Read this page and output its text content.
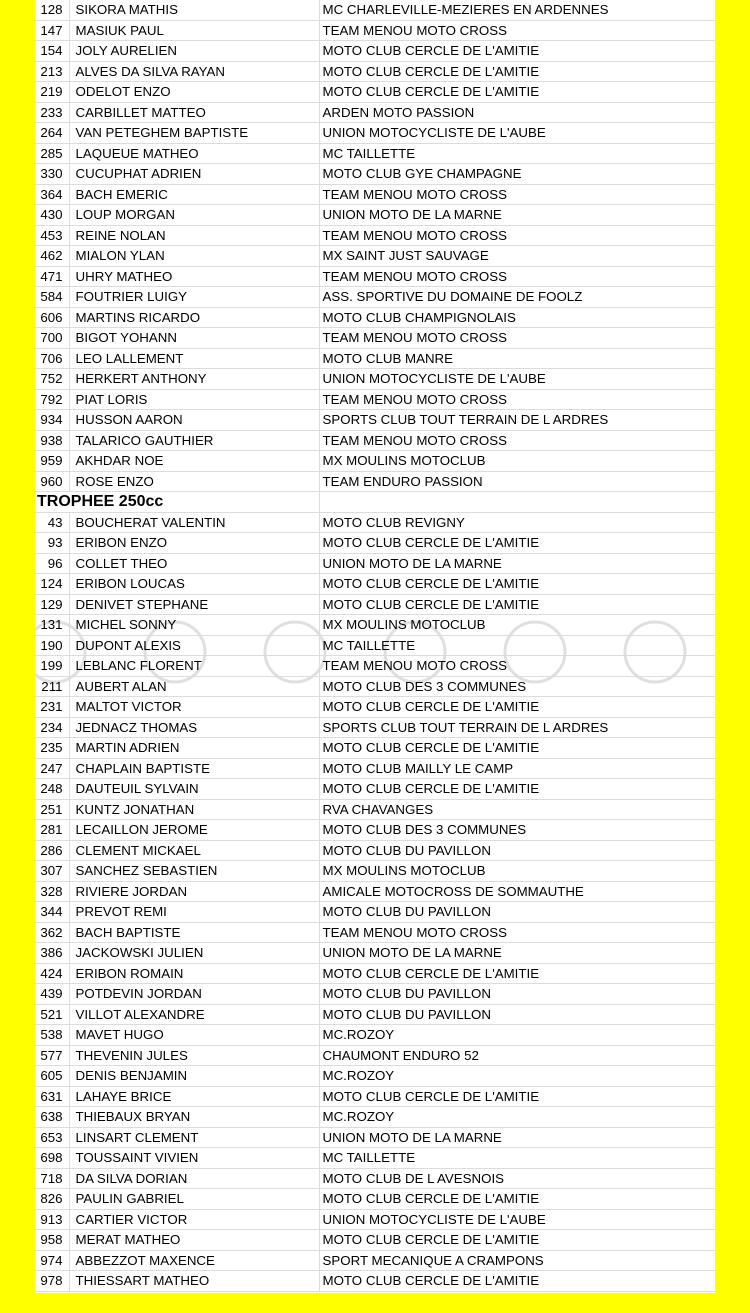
128	SIKORA MATHIS	MC CHARLEVILLE-MEZIERES EN ARDENNES
147	MASIUK PAUL	TEAM MENOU MOTO CROSS
154	JOLY AURELIEN	MOTO CLUB CERCLE DE L'AMITIE
213	ALVES DA SILVA RAYAN	MOTO CLUB CERCLE DE L'AMITIE
219	ODELOT ENZO	MOTO CLUB CERCLE DE L'AMITIE
233	CARBILLET MATTEO	ARDEN MOTO PASSION
264	VAN PETEGHEM BAPTISTE	UNION MOTOCYCLISTE DE L'AUBE
285	LAQUEUE MATHEO	MC TAILLETTE
330	CUCUPHAT ADRIEN	MOTO CLUB GYE CHAMPAGNE
364	BACH EMERIC	TEAM MENOU MOTO CROSS
430	LOUP MORGAN	UNION MOTO DE LA MARNE
453	REINE NOLAN	TEAM MENOU MOTO CROSS
462	MIALON YLAN	MX SAINT JUST SAUVAGE
471	UHRY MATHEO	TEAM MENOU MOTO CROSS
584	FOUTRIER LUIGY	ASS. SPORTIVE DU DOMAINE DE FOOLZ
606	MARTINS RICARDO	MOTO CLUB CHAMPIGNOLAIS
700	BIGOT YOHANN	TEAM MENOU MOTO CROSS
706	LEO LALLEMENT	MOTO CLUB MANRE
752	HERKERT ANTHONY	UNION MOTOCYCLISTE DE L'AUBE
792	PIAT LORIS	TEAM MENOU MOTO CROSS
934	HUSSON AARON	SPORTS CLUB TOUT TERRAIN DE L ARDRES
938	TALARICO GAUTHIER	TEAM MENOU MOTO CROSS
959	AKHDAR NOE	MX MOULINS MOTOCLUB
960	ROSE ENZO	TEAM ENDURO PASSION
TROPHEE 250cc		
43	BOUCHERAT VALENTIN	MOTO CLUB REVIGNY
93	ERIBON ENZO	MOTO CLUB CERCLE DE L'AMITIE
96	COLLET THEO	UNION MOTO DE LA MARNE
124	ERIBON LOUCAS	MOTO CLUB CERCLE DE L'AMITIE
129	DENIVET STEPHANE	MOTO CLUB CERCLE DE L'AMITIE
131	MICHEL SONNY	MX MOULINS MOTOCLUB
190	DUPONT ALEXIS	MC TAILLETTE
199	LEBLANC FLORENT	TEAM MENOU MOTO CROSS
211	AUBERT ALAN	MOTO CLUB DES 3 COMMUNES
231	MALTOT VICTOR	MOTO CLUB CERCLE DE L'AMITIE
234	JEDNACZ THOMAS	SPORTS CLUB TOUT TERRAIN DE L ARDRES
235	MARTIN ADRIEN	MOTO CLUB CERCLE DE L'AMITIE
247	CHAPLAIN BAPTISTE	MOTO CLUB MAILLY LE CAMP
248	DAUTEUIL SYLVAIN	MOTO CLUB CERCLE DE L'AMITIE
251	KUNTZ JONATHAN	RVA CHAVANGES
281	LECAILLON JEROME	MOTO CLUB DES 3 COMMUNES
286	CLEMENT MICKAEL	MOTO CLUB DU PAVILLON
307	SANCHEZ SEBASTIEN	MX MOULINS MOTOCLUB
328	RIVIERE JORDAN	AMICALE MOTOCROSS DE SOMMAUTHE
344	PREVOT REMI	MOTO CLUB DU PAVILLON
362	BACH BAPTISTE	TEAM MENOU MOTO CROSS
386	JACKOWSKI JULIEN	UNION MOTO DE LA MARNE
424	ERIBON ROMAIN	MOTO CLUB CERCLE DE L'AMITIE
439	POTDEVIN JORDAN	MOTO CLUB DU PAVILLON
521	VILLOT ALEXANDRE	MOTO CLUB DU PAVILLON
538	MAVET HUGO	MC.ROZOY
577	THEVENIN JULES	CHAUMONT ENDURO 52
605	DENIS BENJAMIN	MC.ROZOY
631	LAHAYE BRICE	MOTO CLUB CERCLE DE L'AMITIE
638	THIEBAUX BRYAN	MC.ROZOY
653	LINSART CLEMENT	UNION MOTO DE LA MARNE
698	TOUSSAINT VIVIEN	MC TAILLETTE
718	DA SILVA DORIAN	MOTO CLUB DE L AVESNOIS
826	PAULIN GABRIEL	MOTO CLUB CERCLE DE L'AMITIE
913	CARTIER VICTOR	UNION MOTOCYCLISTE DE L'AUBE
958	MERAT MATHEO	MOTO CLUB CERCLE DE L'AMITIE
974	ABBEZZOT MAXENCE	SPORT MECANIQUE A CRAMPONS
978	THIESSART MATHEO	MOTO CLUB CERCLE DE L'AMITIE
